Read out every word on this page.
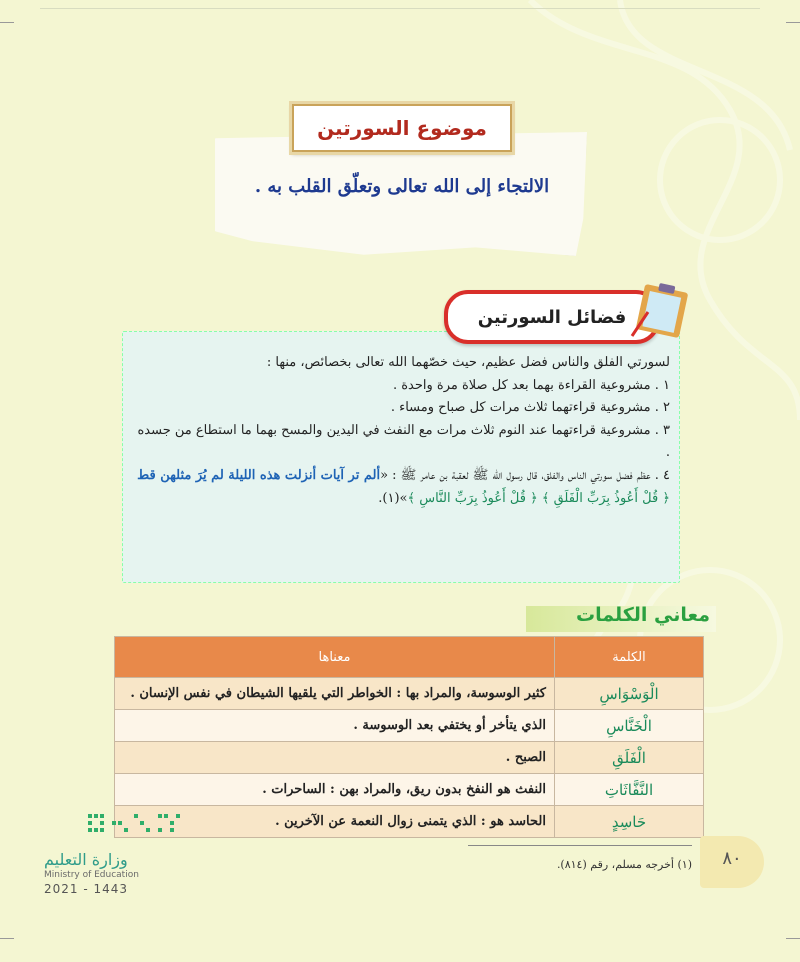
موضوع السورتين
الالتجاء إلى الله تعالى وتعلّق القلب به .
فضائل السورتين

لسورتي الفلق والناس فضل عظيم، حيث خصّهما الله تعالى بخصائص، منها :

١ . مشروعية القراءة بهما بعد كل صلاة مرة واحدة .

٢ . مشروعية قراءتهما ثلاث مرات كل صباح ومساء .

٣ . مشروعية قراءتهما عند النوم ثلاث مرات مع النفث في اليدين والمسح بهما ما استطاع من جسده .

٤ . عظم فضل سورتي الناس والفلق، قال رسول الله ﷺ لعقبة بن عامر ﷺ : «ألم تر آيات أنزلت هذه الليلة لم يُرَ مثلهن قط ﴿ قُلْ أَعُوذُ بِرَبِّ الْفَلَقِ ﴾ ﴿ قُلْ أَعُوذُ بِرَبِّ النَّاسِ ﴾»(١).

معاني الكلمات
الكلمة	معناها
الْوَسْوَاسِ	كثير الوسوسة، والمراد بها : الخواطر التي يلقيها الشيطان في نفس الإنسان .
الْخَنَّاسِ	الذي يتأخر أو يختفي بعد الوسوسة .
الْفَلَقِ	الصبح .
النَّفَّاثَاتِ	النفث هو النفخ بدون ريق، والمراد بهن : الساحرات .
حَاسِدٍ	الحاسد هو : الذي يتمنى زوال النعمة عن الآخرين .
(١) أخرجه مسلم، رقم (٨١٤).	٨٠
وزارة التعليم
Ministry of Education
2021 - 1443
